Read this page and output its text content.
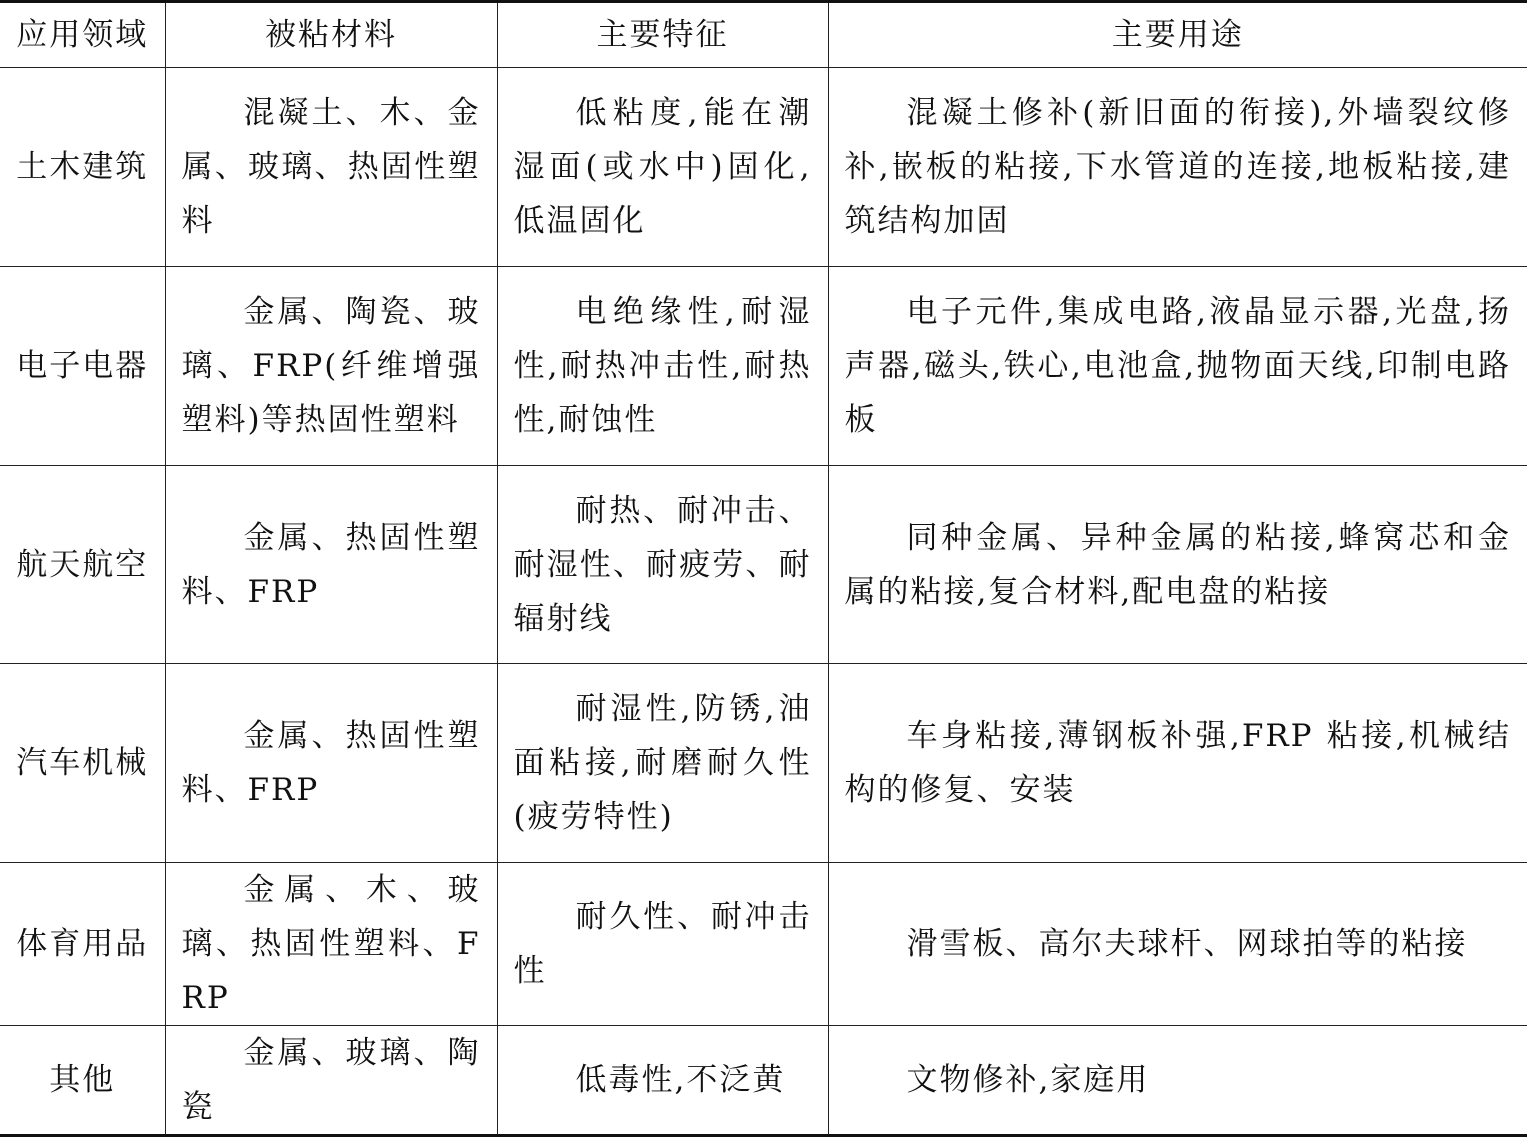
应用领域	被粘材料	主要特征	主要用途
土木建筑	混凝土、木、金属、玻璃、热固性塑料	低粘度,能在潮湿面(或水中)固化,低温固化	混凝土修补(新旧面的衔接),外墙裂纹修补,嵌板的粘接,下水管道的连接,地板粘接,建筑结构加固

电子电器	金属、陶瓷、玻璃、FRP(纤维增强塑料)等热固性塑料	电绝缘性,耐湿性,耐热冲击性,耐热性,耐蚀性	电子元件,集成电路,液晶显示器,光盘,扬声器,磁头,铁心,电池盒,抛物面天线,印制电路板

航天航空	金属、热固性塑料、FRP	耐热、耐冲击、耐湿性、耐疲劳、耐辐射线	同种金属、异种金属的粘接,蜂窝芯和金属的粘接,复合材料,配电盘的粘接

汽车机械	金属、热固性塑料、FRP	耐湿性,防锈,油面粘接,耐磨耐久性(疲劳特性)	车身粘接,薄钢板补强,FRP 粘接,机械结构的修复、安装

体育用品	金属、木、玻璃、热固性塑料、FRP	耐久性、耐冲击性	滑雪板、高尔夫球杆、网球拍等的粘接

其他	金属、玻璃、陶瓷	低毒性,不泛黄	文物修补,家庭用
